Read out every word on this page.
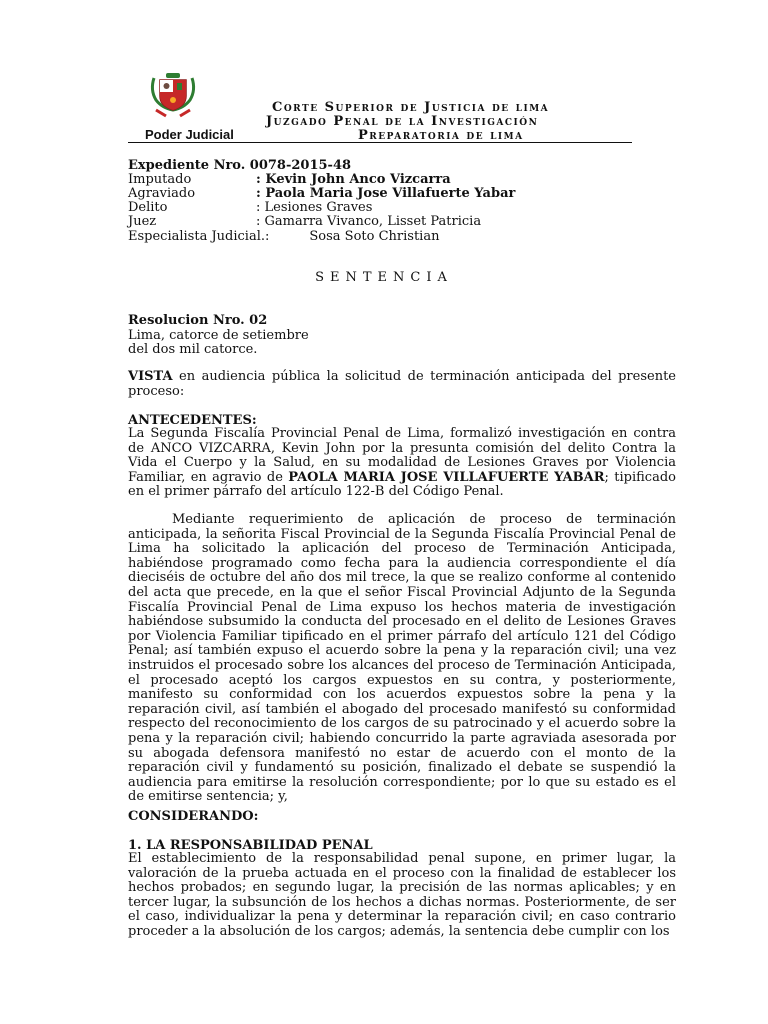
Corte Superior de Justicia de lima
Juzgado Penal de la Investigación
Poder Judicial	Preparatoria de lima
Expediente Nro. 0078-2015-48
Imputado	: Kevin John Anco Vizcarra
Agraviado	: Paola Maria Jose Villafuerte Yabar
Delito	: Lesiones Graves
Juez	: Gamarra Vivanco, Lisset Patricia
Especialista Judicial.:	Sosa Soto Christian
SENTENCIA
Resolucion Nro. 02
Lima, catorce de setiembre
del dos mil catorce.

VISTA en audiencia pública la solicitud de terminación anticipada del presente proceso:

ANTECEDENTES:

La Segunda Fiscalía Provincial Penal de Lima, formalizó investigación en contra de ANCO VIZCARRA, Kevin John por la presunta comisión del delito Contra la Vida el Cuerpo y la Salud, en su modalidad de Lesiones Graves por Violencia Familiar, en agravio de PAOLA MARIA JOSE VILLAFUERTE YABAR; tipificado en el primer párrafo del artículo 122-B del Código Penal.

Mediante requerimiento de aplicación de proceso de terminación anticipada, la señorita Fiscal Provincial de la Segunda Fiscalía Provincial Penal de Lima ha solicitado la aplicación del proceso de Terminación Anticipada, habiéndose programado como fecha para la audiencia correspondiente el día dieciséis de octubre del año dos mil trece, la que se realizo conforme al contenido del acta que precede, en la que el señor Fiscal Provincial Adjunto de la Segunda Fiscalía Provincial Penal de Lima expuso los hechos materia de investigación habiéndose subsumido la conducta del procesado en el delito de Lesiones Graves por Violencia Familiar tipificado en el primer párrafo del artículo 121 del Código Penal; así también expuso el acuerdo sobre la pena y la reparación civil; una vez instruidos el procesado sobre los alcances del proceso de Terminación Anticipada, el procesado aceptó los cargos expuestos en su contra, y posteriormente, manifesto su conformidad con los acuerdos expuestos sobre la pena y la reparación civil, así también el abogado del procesado manifestó su conformidad respecto del reconocimiento de los cargos de su patrocinado y el acuerdo sobre la pena y la reparación civil; habiendo concurrido la parte agraviada asesorada por su abogada defensora manifestó no estar de acuerdo con el monto de la reparación civil y fundamentó su posición, finalizado el debate se suspendió la audiencia para emitirse la resolución correspondiente; por lo que su estado es el de emitirse sentencia; y,

CONSIDERANDO:
1. LA RESPONSABILIDAD PENAL

El establecimiento de la responsabilidad penal supone, en primer lugar, la valoración de la prueba actuada en el proceso con la finalidad de establecer los hechos probados; en segundo lugar, la precisión de las normas aplicables; y en tercer lugar, la subsunción de los hechos a dichas normas. Posteriormente, de ser el caso, individualizar la pena y determinar la reparación civil; en caso contrario proceder a la absolución de los cargos; además, la sentencia debe cumplir con los
